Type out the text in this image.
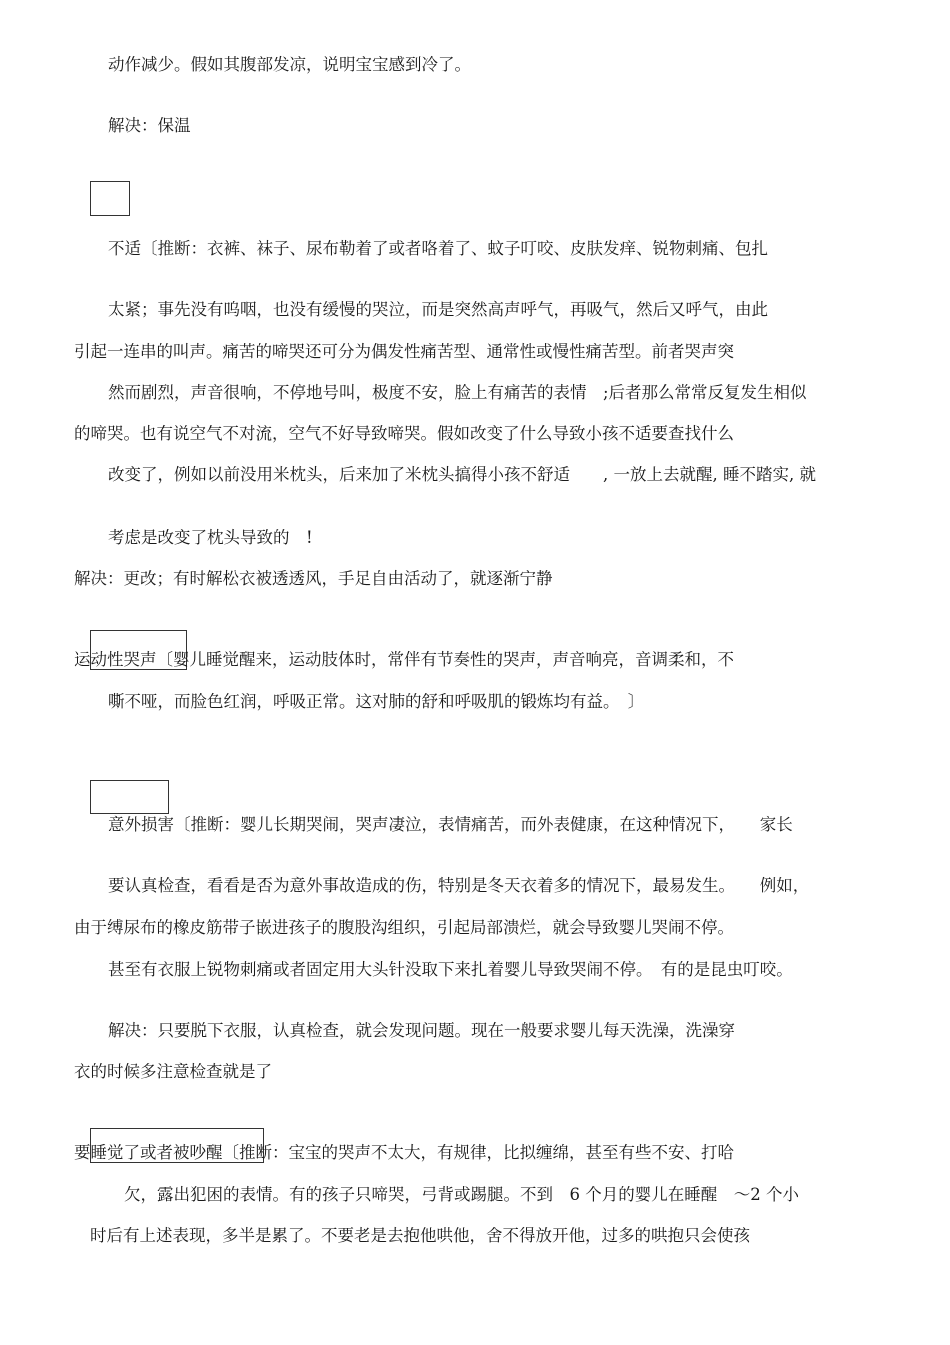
动作减少。假如其腹部发凉，说明宝宝感到冷了。
解决：保温
不适〔推断：衣裤、袜子、尿布勒着了或者咯着了、蚊子叮咬、皮肤发痒、锐物刺痛、包扎
太紧；事先没有呜咽，也没有缓慢的哭泣，而是突然高声呼气，再吸气，然后又呼气，由此
引起一连串的叫声。痛苦的啼哭还可分为偶发性痛苦型、通常性或慢性痛苦型。前者哭声突
然而剧烈，声音很响，不停地号叫，极度不安，脸上有痛苦的表情　;后者那么常常反复发生相似
的啼哭。也有说空气不对流，空气不好导致啼哭。假如改变了什么导致小孩不适要查找什么
改变了，例如以前没用米枕头，后来加了米枕头搞得小孩不舒适　　, 一放上去就醒, 睡不踏实, 就
考虑是改变了枕头导致的　!
解决：更改；有时解松衣被透透风，手足自由活动了，就逐渐宁静
运动性哭声〔婴儿睡觉醒来，运动肢体时，常伴有节奏性的哭声，声音响亮，音调柔和，不
嘶不哑，而脸色红润，呼吸正常。这对肺的舒和呼吸肌的锻炼均有益。　〕
意外损害〔推断：婴儿长期哭闹，哭声凄泣，表情痛苦，而外表健康，在这种情况下，　　家长
要认真检查，看看是否为意外事故造成的伤，特别是冬天衣着多的情况下，最易发生。　　例如，
由于缚尿布的橡皮筋带子嵌进孩子的腹股沟组织，引起局部溃烂，就会导致婴儿哭闹不停。
甚至有衣服上锐物刺痛或者固定用大头针没取下来扎着婴儿导致哭闹不停。　有的是昆虫叮咬。
解决：只要脱下衣服，认真检查，就会发现问题。现在一般要求婴儿每天洗澡，洗澡穿
衣的时候多注意检查就是了
要睡觉了或者被吵醒〔推断：宝宝的哭声不太大，有规律，比拟缠绵，甚至有些不安、打哈
欠，露出犯困的表情。有的孩子只啼哭，弓背或踢腿。不到　6 个月的婴儿在睡醒　～2 个小
时后有上述表现，多半是累了。不要老是去抱他哄他，舍不得放开他，过多的哄抱只会使孩
